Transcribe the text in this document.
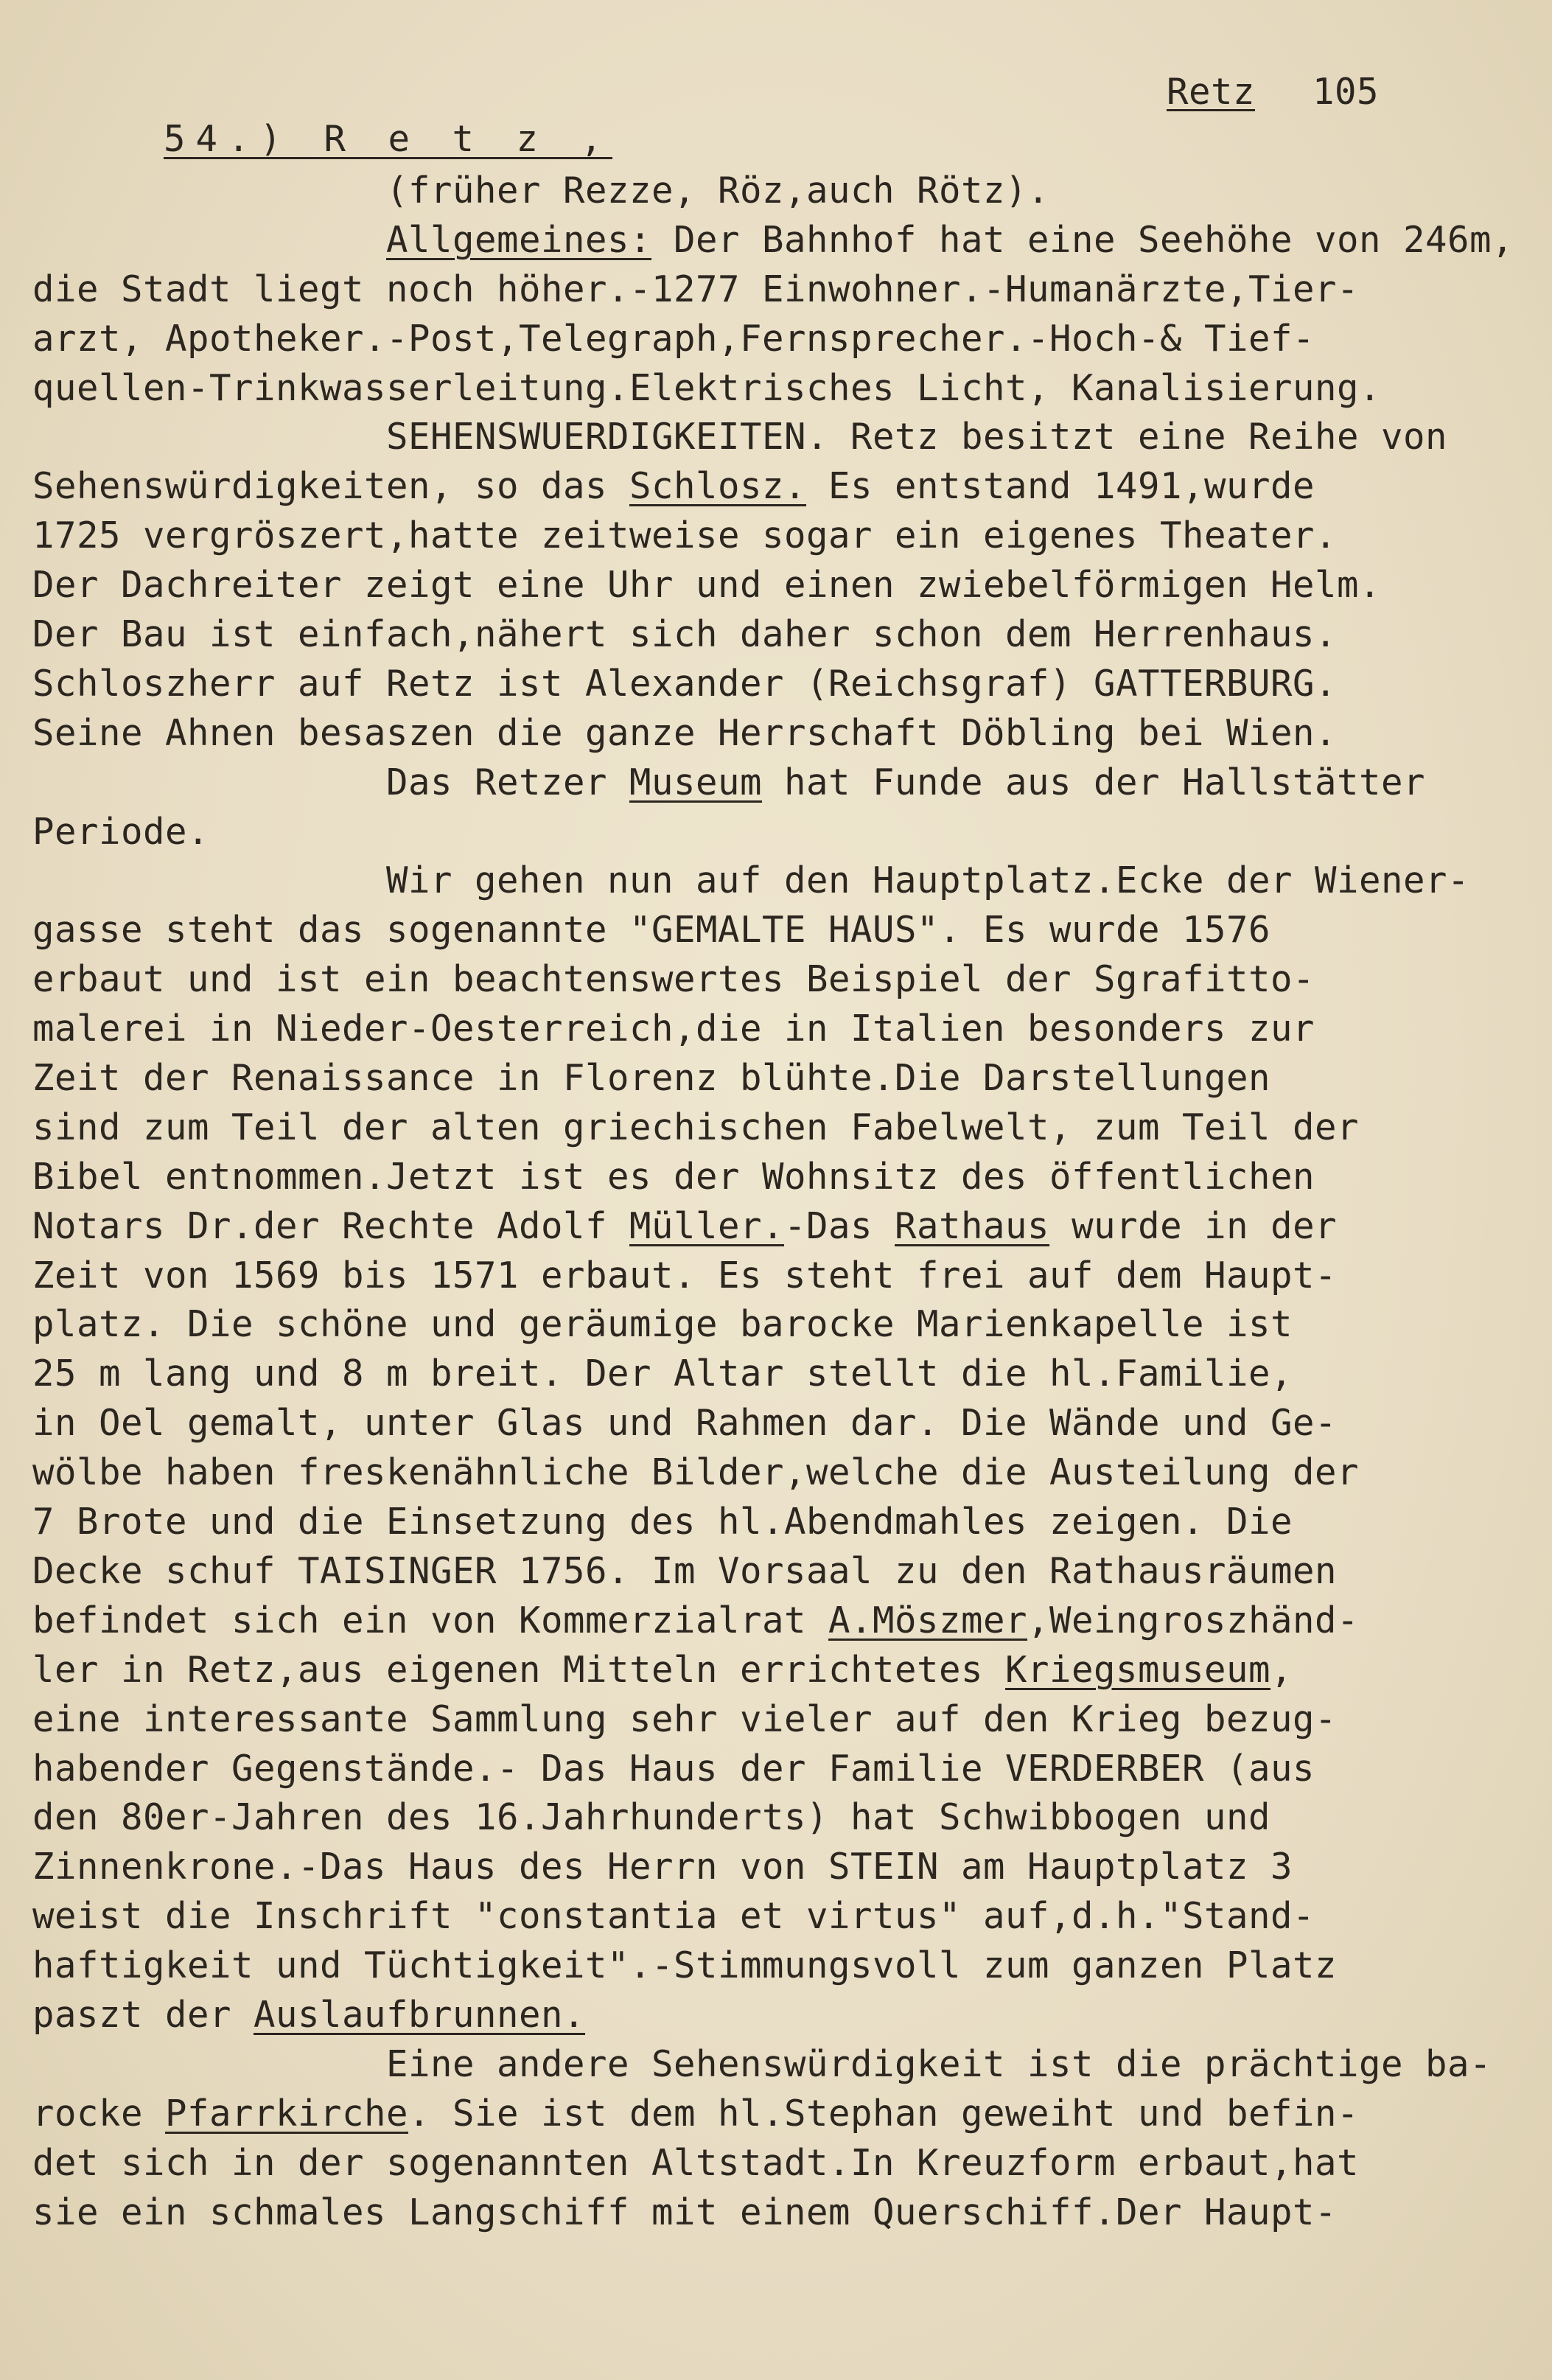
Retz 105
54.) R e t z ,
(früher Rezze, Röz,auch Rötz).
Allgemeines: Der Bahnhof hat eine Seehöhe von 246m,
die Stadt liegt noch höher.-1277 Einwohner.-Humanärzte,Tier-
arzt, Apotheker.-Post,Telegraph,Fernsprecher.-Hoch-& Tief-
quellen-Trinkwasserleitung.Elektrisches Licht, Kanalisierung.
SEHENSWUERDIGKEITEN. Retz besitzt eine Reihe von
Sehenswürdigkeiten, so das Schlosz. Es entstand 1491,wurde
1725 vergröszert,hatte zeitweise sogar ein eigenes Theater.
Der Dachreiter zeigt eine Uhr und einen zwiebelförmigen Helm.
Der Bau ist einfach,nähert sich daher schon dem Herrenhaus.
Schloszherr auf Retz ist Alexander (Reichsgraf) GATTERBURG.
Seine Ahnen besaszen die ganze Herrschaft Döbling bei Wien.
Das Retzer Museum hat Funde aus der Hallstätter
Periode.
Wir gehen nun auf den Hauptplatz.Ecke der Wiener-
gasse steht das sogenannte "GEMALTE HAUS". Es wurde 1576
erbaut und ist ein beachtenswertes Beispiel der Sgrafitto-
malerei in Nieder-Oesterreich,die in Italien besonders zur
Zeit der Renaissance in Florenz blühte.Die Darstellungen
sind zum Teil der alten griechischen Fabelwelt, zum Teil der
Bibel entnommen.Jetzt ist es der Wohnsitz des öffentlichen
Notars Dr.der Rechte Adolf Müller.-Das Rathaus wurde in der
Zeit von 1569 bis 1571 erbaut. Es steht frei auf dem Haupt-
platz. Die schöne und geräumige barocke Marienkapelle ist
25 m lang und 8 m breit. Der Altar stellt die hl.Familie,
in Oel gemalt, unter Glas und Rahmen dar. Die Wände und Ge-
wölbe haben freskenähnliche Bilder,welche die Austeilung der
7 Brote und die Einsetzung des hl.Abendmahles zeigen. Die
Decke schuf TAISINGER 1756. Im Vorsaal zu den Rathausräumen
befindet sich ein von Kommerzialrat A.Möszmer,Weingroszhänd-
ler in Retz,aus eigenen Mitteln errichtetes Kriegsmuseum,
eine interessante Sammlung sehr vieler auf den Krieg bezug-
habender Gegenstände.- Das Haus der Familie VERDERBER (aus
den 80er-Jahren des 16.Jahrhunderts) hat Schwibbogen und
Zinnenkrone.-Das Haus des Herrn von STEIN am Hauptplatz 3
weist die Inschrift "constantia et virtus" auf,d.h."Stand-
haftigkeit und Tüchtigkeit".-Stimmungsvoll zum ganzen Platz
paszt der Auslaufbrunnen.
Eine andere Sehenswürdigkeit ist die prächtige ba-
rocke Pfarrkirche. Sie ist dem hl.Stephan geweiht und befin-
det sich in der sogenannten Altstadt.In Kreuzform erbaut,hat
sie ein schmales Langschiff mit einem Querschiff.Der Haupt-
